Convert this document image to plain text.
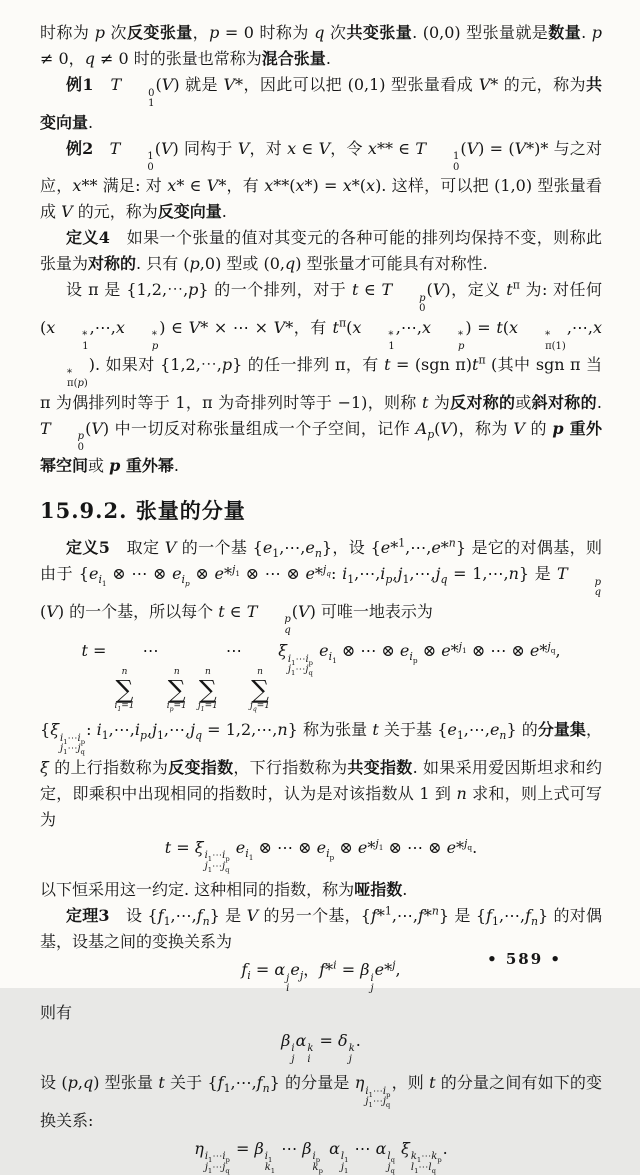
时称为 p 次反变张量，p = 0 时称为 q 次共变张量. (0,0) 型张量就是数量. p ≠ 0，q ≠ 0 时的张量也常称为混合张量.
例1　 T	0
1
(V) 就是 V*，因此可以把 (0,1) 型张量看成 V* 的元，称为共变向量.
例2　 T	1
0
(V) 同构于 V，对 x ∈ V，令 x** ∈ T	1
0
(V) = (V*)* 与之对应，x** 满足: 对 x* ∈ V*，有 x**(x*) = x*(x). 这样，可以把 (1,0) 型张量看成 V 的元，称为反变向量.
定义4　如果一个张量的值对其变元的各种可能的排列均保持不变，则称此张量为对称的. 只有 (p,0) 型或 (0,q) 型张量才可能具有对称性.
设 π 是 {1,2,⋯,p} 的一个排列，对于 t ∈ T	p
0
(V)，定义 $t^\pi$ 为: 对任何 (x	*
1
,⋯,x	*
p
) ∈ V* × ⋯ × V*，有 $t^\pi(x$	*
1
,⋯,x	*
p
) = t(x	*
π(1)
,⋯,x
*
π(p)
). 如果对 {1,2,⋯,p} 的任一排列 π，有 t = (sgn $\pi)t^\pi$ (其中 sgn π 当 π 为偶排列时等于 1，π 为奇排列时等于 −1)，则称 t 为反对称的或斜对称的. T	p
0
(V) 中一切反对称张量组成一个子空间，记作 $A_p(V)$，称为 V 的 p 重外幂空间或 p 重外幂.
15.9.2. 张量的分量
定义5　取定 V 的一个基 $\{e_1,\cdots,e_n\}$，设 {e*$^1$,⋯,e*$^n$} 是它的对偶基，则由于 {$e_{i_1}$ ⊗ ⋯ ⊗ $e_{i_p}$ ⊗ e*$^{j_1}$ ⊗ ⋯ ⊗ e*$^{j_q}$: $i_1,\cdots,i_p,j_1,\cdots,j_q$ = 1,⋯,n} 是 T	p
q
(V) 的一个基，所以每个 t ∈ T	p
q
(V) 可唯一地表示为
t =
n
∑
$i_1=1$
⋯
n
∑
$i_p=1$

n
∑
$j_1=1$
⋯
n
∑
$j_q=1$
ξ $i_1\cdots i_p$
$j_1\cdots j_q$
$e_{i_1}$ ⊗ ⋯ ⊗ $e_{i_p}$ ⊗ e*$^{j_1}$ ⊗ ⋯ ⊗ e*$^{j_q}$,
{ξ $i_1\cdots i_p$
$j_1\cdots j_q$
: $i_1,\cdots,i_p,j_1,\cdots,j_q$ = 1,2,⋯,n} 称为张量 t 关于基 $\{e_1,\cdots,e_n\}$ 的分量集，ξ 的上行指数称为反变指数，下行指数称为共变指数. 如果采用爱因斯坦求和约定，即乘积中出现相同的指数时，认为是对该指数从 1 到 n 求和，则上式可写为
t = ξ $i_1\cdots i_p$
$j_1\cdots j_q$
$e_{i_1}$ ⊗ ⋯ ⊗ $e_{i_p}$ ⊗ e*$^{j_1}$ ⊗ ⋯ ⊗ e*$^{j_q}$.
以下恒采用这一约定. 这种相同的指数，称为哑指数.
定理3　设 $\{f_1,\cdots,f_n\}$ 是 V 的另一个基，{f*$^1$,⋯,f*$^n$} 是 $\{f_1,\cdots,f_n\}$ 的对偶基，设基之间的变换关系为
$f_i = \alpha$ j
i
$e_j$，f*$^i$ = β i
j
e*$^j$,
则有
β i
j
α k
i
= δ k
j
.
设 (p,q) 型张量 t 关于 $\{f_1,\cdots,f_n\}$ 的分量是 η $i_1\cdots i_p$
$j_1\cdots j_q$
，则 t 的分量之间有如下的变换关系:
η $i_1\cdots i_p$
$j_1\cdots j_q$
= β $i_1$
$k_1$
⋯ β $i_p$
$k_p$
α $l_1$
$j_1$
⋯ α $l_q$
$j_q$
ξ $k_1\cdots k_p$
$l_1\cdots l_q$
.
• 589 •
